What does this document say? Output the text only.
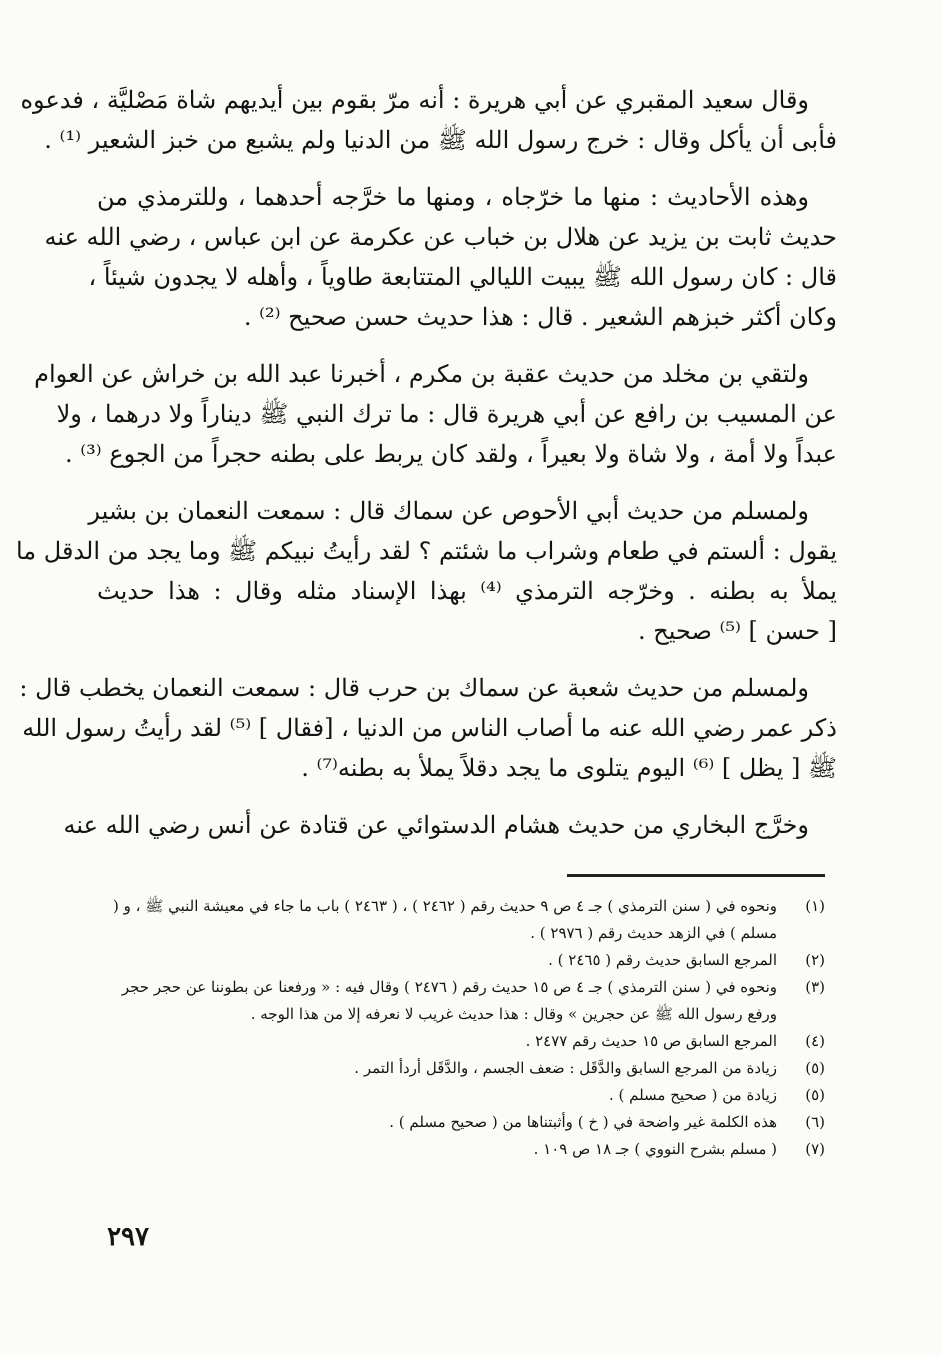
وقال سعيد المقبري عن أبي هريرة : أنه مرّ بقوم بين أيديهم شاة مَصْليَّة ، فدعوه
فأبى أن يأكل وقال : خرج رسول الله ﷺ من الدنيا ولم يشبع من خبز الشعير ⁽¹⁾ .
وهذه الأحاديث : منها ما خرّجاه ، ومنها ما خرَّجه أحدهما ، وللترمذي من
حديث ثابت بن يزيد عن هلال بن خباب عن عكرمة عن ابن عباس ، رضي الله عنه
قال : كان رسول الله ﷺ يبيت الليالي المتتابعة طاوياً ، وأهله لا يجدون شيئاً ،
وكان أكثر خبزهم الشعير . قال : هذا حديث حسن صحيح ⁽²⁾ .
ولتقي بن مخلد من حديث عقبة بن مكرم ، أخبرنا عبد الله بن خراش عن العوام
عن المسيب بن رافع عن أبي هريرة قال : ما ترك النبي ﷺ ديناراً ولا درهما ، ولا
عبداً ولا أمة ، ولا شاة ولا بعيراً ، ولقد كان يربط على بطنه حجراً من الجوع ⁽³⁾ .
ولمسلم من حديث أبي الأحوص عن سماك قال : سمعت النعمان بن بشير
يقول : ألستم في طعام وشراب ما شئتم ؟ لقد رأيتُ نبيكم ﷺ وما يجد من الدقل ما
يملأ به بطنه . وخرّجه الترمذي ⁽⁴⁾ بهذا الإسناد مثله وقال : هذا حديث
[ حسن ] ⁽⁵⁾ صحيح .
ولمسلم من حديث شعبة عن سماك بن حرب قال : سمعت النعمان يخطب قال :
ذكر عمر رضي الله عنه ما أصاب الناس من الدنيا ، [فقال ] ⁽⁵⁾ لقد رأيتُ رسول الله
ﷺ [ يظل ] ⁽⁶⁾ اليوم يتلوى ما يجد دقلاً يملأ به بطنه⁽⁷⁾ .
وخرَّج البخاري من حديث هشام الدستوائي عن قتادة عن أنس رضي الله عنه
(١)
ونحوه في ( سنن الترمذي ) جـ ٤ ص ٩ حديث رقم ( ٢٤٦٢ ) ، ( ٢٤٦٣ ) باب ما جاء في معيشة النبي ﷺ ، و ( مسلم ) في الزهد حديث رقم ( ٢٩٧٦ ) .
(٢)
المرجع السابق حديث رقم ( ٢٤٦٥ ) .
(٣)
ونحوه في ( سنن الترمذي ) جـ ٤ ص ١٥ حديث رقم ( ٢٤٧٦ ) وقال فيه : « ورفعنا عن بطوننا عن حجر حجر ورفع رسول الله ﷺ عن حجرين » وقال : هذا حديث غريب لا نعرفه إلا من هذا الوجه .
(٤)
المرجع السابق ص ١٥ حديث رقم ٢٤٧٧ .
(٥)
زيادة من المرجع السابق والدَّقَل : ضعف الجسم ، والدَّقَل أردأ التمر .
(٥)
زيادة من ( صحيح مسلم ) .
(٦)
هذه الكلمة غير واضحة في ( خ ) وأثبتناها من ( صحيح مسلم ) .
(٧)
( مسلم بشرح النووي ) جـ ١٨ ص ١٠٩ .
٢٩٧
